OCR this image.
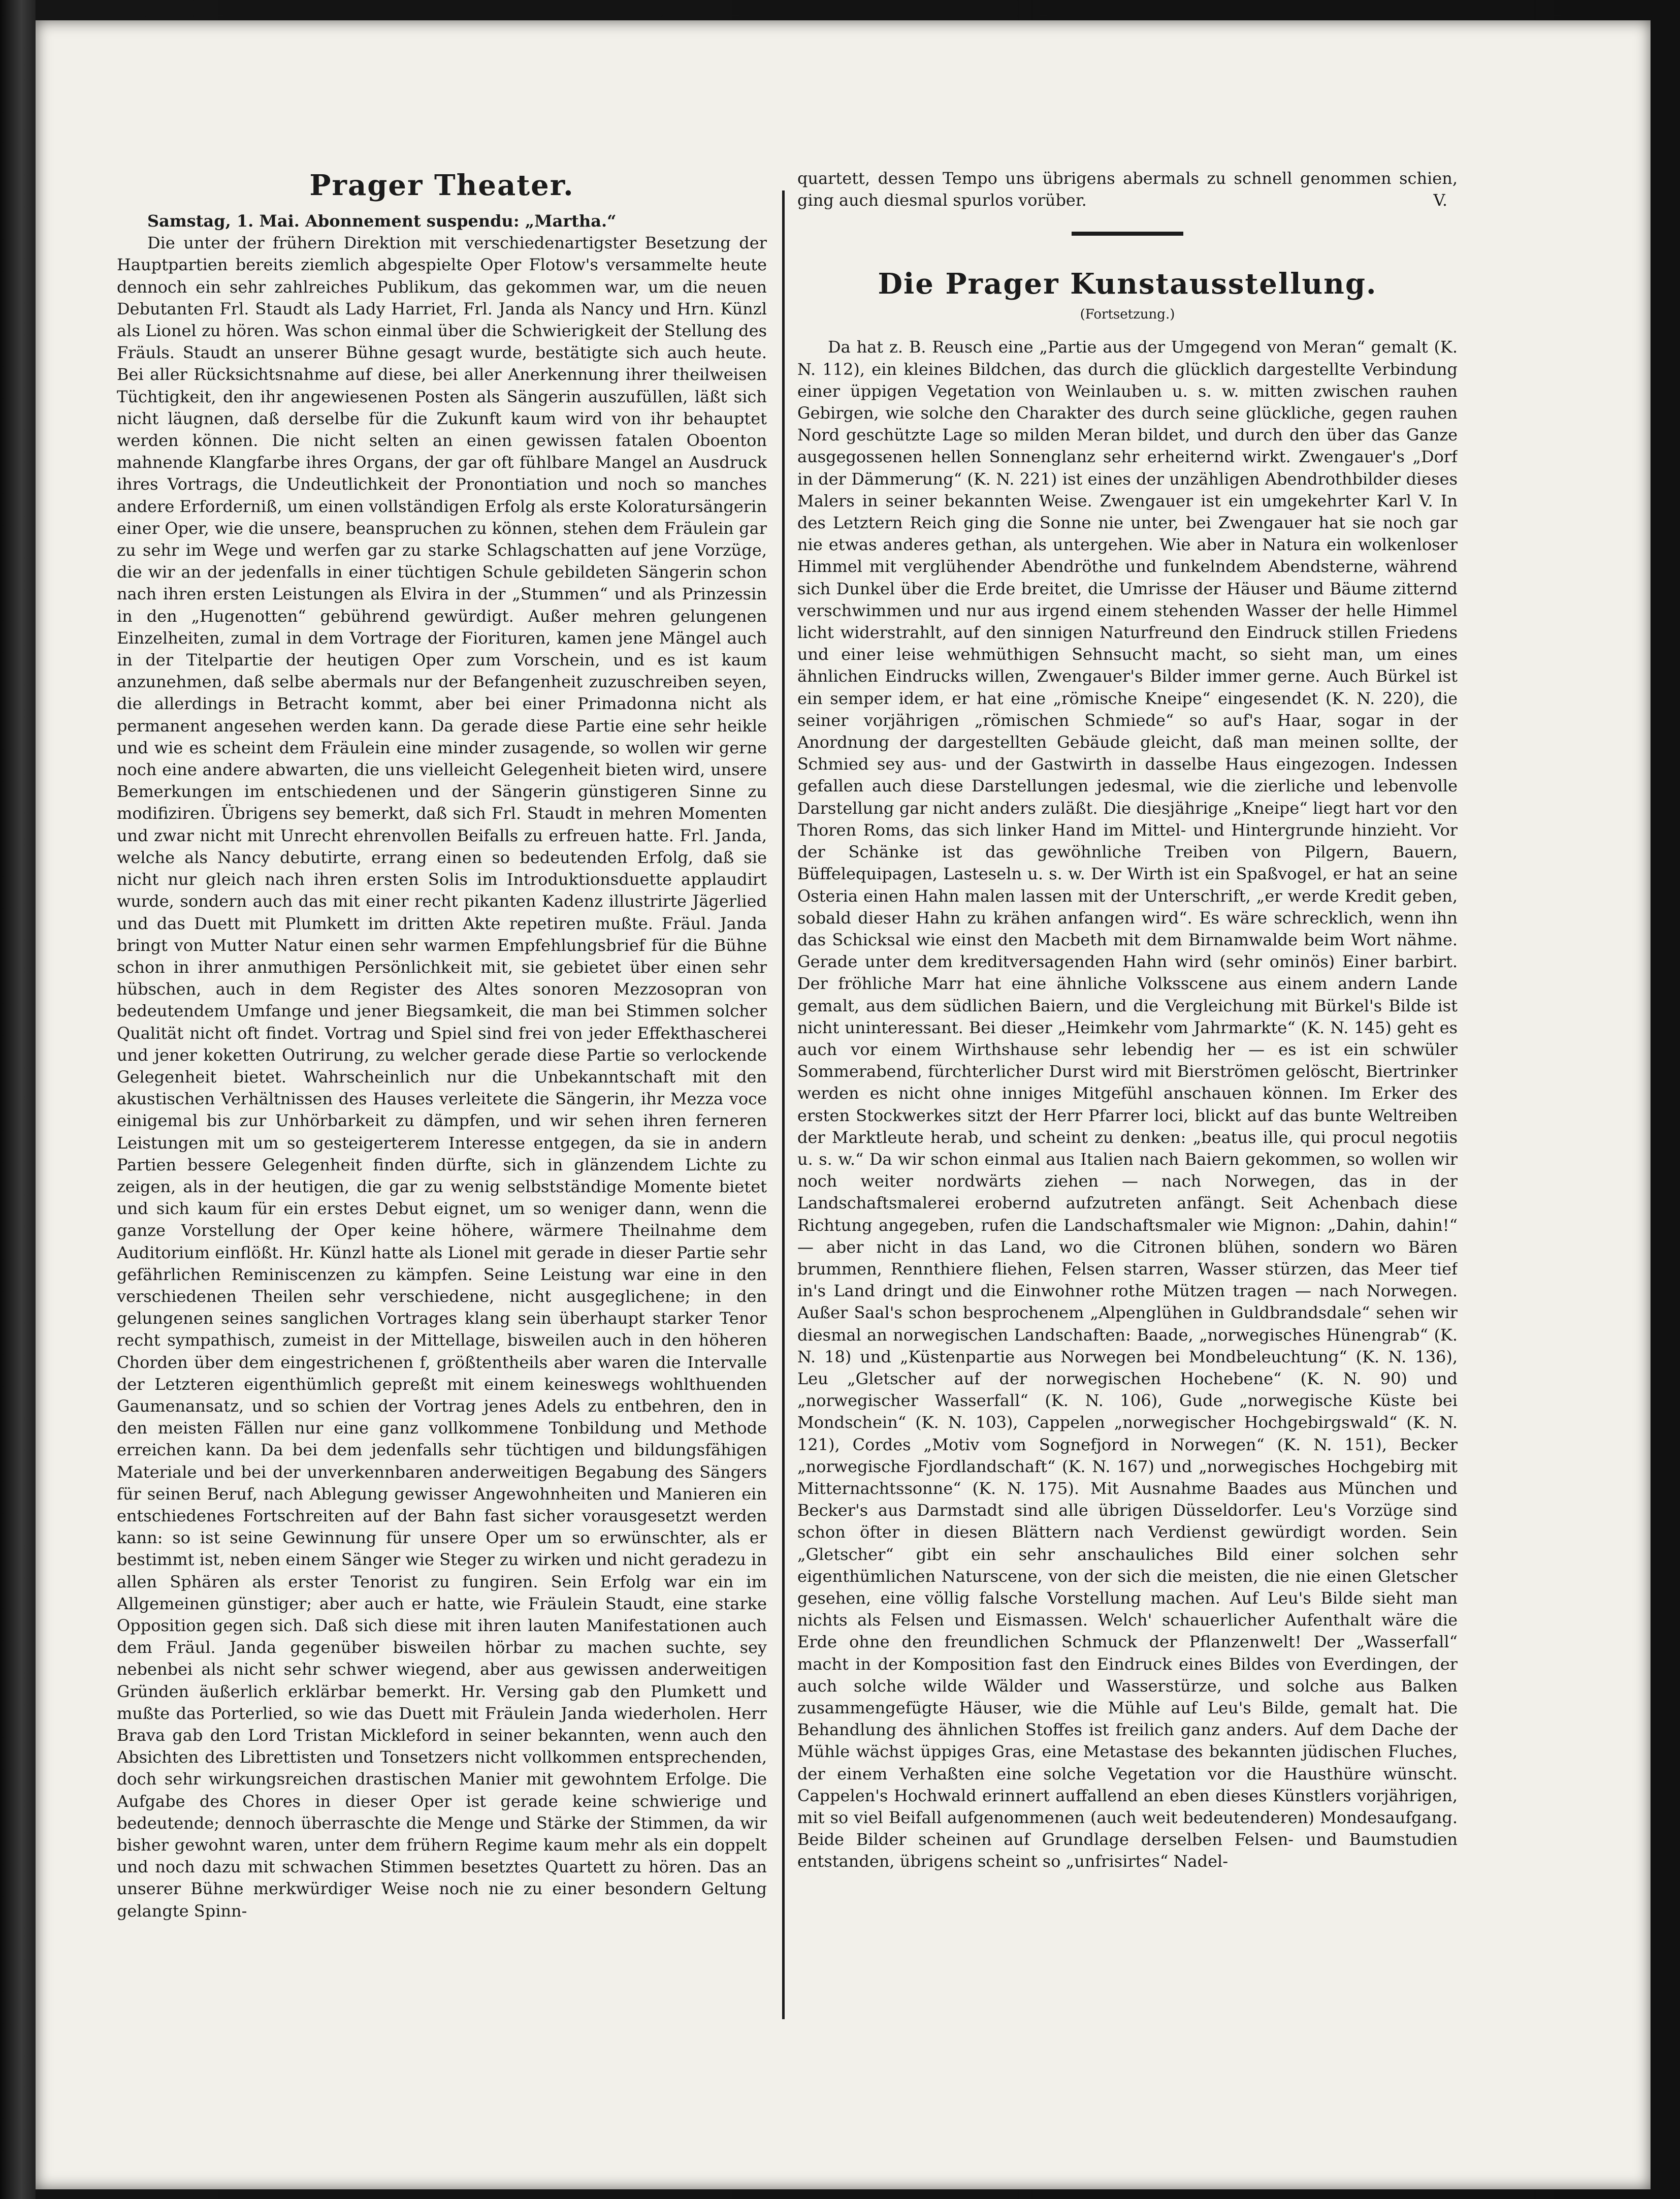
Prager Theater.

Samstag, 1. Mai. Abonnement suspendu: „Martha.“

Die unter der frühern Direktion mit verschiedenartigster Besetzung der Hauptpartien bereits ziemlich abgespielte Oper Flotow's versammelte heute dennoch ein sehr zahlreiches Publikum, das gekommen war, um die neuen Debutanten Frl. Staudt als Lady Harriet, Frl. Janda als Nancy und Hrn. Künzl als Lionel zu hören. Was schon einmal über die Schwierigkeit der Stellung des Fräuls. Staudt an unserer Bühne gesagt wurde, bestätigte sich auch heute. Bei aller Rücksichtsnahme auf diese, bei aller Anerkennung ihrer theilweisen Tüchtigkeit, den ihr angewiesenen Posten als Sängerin auszufüllen, läßt sich nicht läugnen, daß derselbe für die Zukunft kaum wird von ihr behauptet werden können. Die nicht selten an einen gewissen fatalen Oboenton mahnende Klangfarbe ihres Organs, der gar oft fühlbare Mangel an Ausdruck ihres Vortrags, die Undeutlichkeit der Pronontiation und noch so manches andere Erforderniß, um einen vollständigen Erfolg als erste Koloratursängerin einer Oper, wie die unsere, beanspruchen zu können, stehen dem Fräulein gar zu sehr im Wege und werfen gar zu starke Schlagschatten auf jene Vorzüge, die wir an der jedenfalls in einer tüchtigen Schule gebildeten Sängerin schon nach ihren ersten Leistungen als Elvira in der „Stummen“ und als Prinzessin in den „Hugenotten“ gebührend gewürdigt. Außer mehren gelungenen Einzelheiten, zumal in dem Vortrage der Fiorituren, kamen jene Mängel auch in der Titelpartie der heutigen Oper zum Vorschein, und es ist kaum anzunehmen, daß selbe abermals nur der Befangenheit zuzuschreiben seyen, die allerdings in Betracht kommt, aber bei einer Primadonna nicht als permanent angesehen werden kann. Da gerade diese Partie eine sehr heikle und wie es scheint dem Fräulein eine minder zusagende, so wollen wir gerne noch eine andere abwarten, die uns vielleicht Gelegenheit bieten wird, unsere Bemerkungen im entschiedenen und der Sängerin günstigeren Sinne zu modifiziren. Übrigens sey bemerkt, daß sich Frl. Staudt in mehren Momenten und zwar nicht mit Unrecht ehrenvollen Beifalls zu erfreuen hatte. Frl. Janda, welche als Nancy debutirte, errang einen so bedeutenden Erfolg, daß sie nicht nur gleich nach ihren ersten Solis im Introduktionsduette applaudirt wurde, sondern auch das mit einer recht pikanten Kadenz illustrirte Jägerlied und das Duett mit Plumkett im dritten Akte repetiren mußte. Fräul. Janda bringt von Mutter Natur einen sehr warmen Empfehlungsbrief für die Bühne schon in ihrer anmuthigen Persönlichkeit mit, sie gebietet über einen sehr hübschen, auch in dem Register des Altes sonoren Mezzosopran von bedeutendem Umfange und jener Biegsamkeit, die man bei Stimmen solcher Qualität nicht oft findet. Vortrag und Spiel sind frei von jeder Effekthascherei und jener koketten Outrirung, zu welcher gerade diese Partie so verlockende Gelegenheit bietet. Wahrscheinlich nur die Unbekanntschaft mit den akustischen Verhältnissen des Hauses verleitete die Sängerin, ihr Mezza voce einigemal bis zur Unhörbarkeit zu dämpfen, und wir sehen ihren ferneren Leistungen mit um so gesteigerterem Interesse entgegen, da sie in andern Partien bessere Gelegenheit finden dürfte, sich in glänzendem Lichte zu zeigen, als in der heutigen, die gar zu wenig selbstständige Momente bietet und sich kaum für ein erstes Debut eignet, um so weniger dann, wenn die ganze Vorstellung der Oper keine höhere, wärmere Theilnahme dem Auditorium einflößt. Hr. Künzl hatte als Lionel mit gerade in dieser Partie sehr gefährlichen Reminiscenzen zu kämpfen. Seine Leistung war eine in den verschiedenen Theilen sehr verschiedene, nicht ausgeglichene; in den gelungenen seines sanglichen Vortrages klang sein überhaupt starker Tenor recht sympathisch, zumeist in der Mittellage, bisweilen auch in den höheren Chorden über dem eingestrichenen f, größtentheils aber waren die Intervalle der Letzteren eigenthümlich gepreßt mit einem keineswegs wohlthuenden Gaumenansatz, und so schien der Vortrag jenes Adels zu entbehren, den in den meisten Fällen nur eine ganz vollkommene Tonbildung und Methode erreichen kann. Da bei dem jedenfalls sehr tüchtigen und bildungsfähigen Materiale und bei der unverkennbaren anderweitigen Begabung des Sängers für seinen Beruf, nach Ablegung gewisser Angewohnheiten und Manieren ein entschiedenes Fortschreiten auf der Bahn fast sicher vorausgesetzt werden kann: so ist seine Gewinnung für unsere Oper um so erwünschter, als er bestimmt ist, neben einem Sänger wie Steger zu wirken und nicht geradezu in allen Sphären als erster Tenorist zu fungiren. Sein Erfolg war ein im Allgemeinen günstiger; aber auch er hatte, wie Fräulein Staudt, eine starke Opposition gegen sich. Daß sich diese mit ihren lauten Manifestationen auch dem Fräul. Janda gegenüber bisweilen hörbar zu machen suchte, sey nebenbei als nicht sehr schwer wiegend, aber aus gewissen anderweitigen Gründen äußerlich erklärbar bemerkt. Hr. Versing gab den Plumkett und mußte das Porterlied, so wie das Duett mit Fräulein Janda wiederholen. Herr Brava gab den Lord Tristan Mickleford in seiner bekannten, wenn auch den Absichten des Librettisten und Tonsetzers nicht vollkommen entsprechenden, doch sehr wirkungsreichen drastischen Manier mit gewohntem Erfolge. Die Aufgabe des Chores in dieser Oper ist gerade keine schwierige und bedeutende; dennoch überraschte die Menge und Stärke der Stimmen, da wir bisher gewohnt waren, unter dem frühern Regime kaum mehr als ein doppelt und noch dazu mit schwachen Stimmen besetztes Quartett zu hören. Das an unserer Bühne merkwürdiger Weise noch nie zu einer besondern Geltung gelangte Spinn-

quartett, dessen Tempo uns übrigens abermals zu schnell genommen schien, ging auch diesmal spurlos vorüber.	V.
Die Prager Kunstausstellung.
(Fortsetzung.)

Da hat z. B. Reusch eine „Partie aus der Umgegend von Meran“ gemalt (K. N. 112), ein kleines Bildchen, das durch die glücklich dargestellte Verbindung einer üppigen Vegetation von Weinlauben u. s. w. mitten zwischen rauhen Gebirgen, wie solche den Charakter des durch seine glückliche, gegen rauhen Nord geschützte Lage so milden Meran bildet, und durch den über das Ganze ausgegossenen hellen Sonnenglanz sehr erheiternd wirkt. Zwengauer's „Dorf in der Dämmerung“ (K. N. 221) ist eines der unzähligen Abendrothbilder dieses Malers in seiner bekannten Weise. Zwengauer ist ein umgekehrter Karl V. In des Letztern Reich ging die Sonne nie unter, bei Zwengauer hat sie noch gar nie etwas anderes gethan, als untergehen. Wie aber in Natura ein wolkenloser Himmel mit verglühender Abendröthe und funkelndem Abendsterne, während sich Dunkel über die Erde breitet, die Umrisse der Häuser und Bäume zitternd verschwimmen und nur aus irgend einem stehenden Wasser der helle Himmel licht widerstrahlt, auf den sinnigen Naturfreund den Eindruck stillen Friedens und einer leise wehmüthigen Sehnsucht macht, so sieht man, um eines ähnlichen Eindrucks willen, Zwengauer's Bilder immer gerne. Auch Bürkel ist ein semper idem, er hat eine „römische Kneipe“ eingesendet (K. N. 220), die seiner vorjährigen „römischen Schmiede“ so auf's Haar, sogar in der Anordnung der dargestellten Gebäude gleicht, daß man meinen sollte, der Schmied sey aus- und der Gastwirth in dasselbe Haus eingezogen. Indessen gefallen auch diese Darstellungen jedesmal, wie die zierliche und lebenvolle Darstellung gar nicht anders zuläßt. Die diesjährige „Kneipe“ liegt hart vor den Thoren Roms, das sich linker Hand im Mittel- und Hintergrunde hinzieht. Vor der Schänke ist das gewöhnliche Treiben von Pilgern, Bauern, Büffelequipagen, Lasteseln u. s. w. Der Wirth ist ein Spaßvogel, er hat an seine Osteria einen Hahn malen lassen mit der Unterschrift, „er werde Kredit geben, sobald dieser Hahn zu krähen anfangen wird“. Es wäre schrecklich, wenn ihn das Schicksal wie einst den Macbeth mit dem Birnamwalde beim Wort nähme. Gerade unter dem kreditversagenden Hahn wird (sehr ominös) Einer barbirt. Der fröhliche Marr hat eine ähnliche Volksscene aus einem andern Lande gemalt, aus dem südlichen Baiern, und die Vergleichung mit Bürkel's Bilde ist nicht uninteressant. Bei dieser „Heimkehr vom Jahrmarkte“ (K. N. 145) geht es auch vor einem Wirthshause sehr lebendig her — es ist ein schwüler Sommerabend, fürchterlicher Durst wird mit Bierströmen gelöscht, Biertrinker werden es nicht ohne inniges Mitgefühl anschauen können. Im Erker des ersten Stockwerkes sitzt der Herr Pfarrer loci, blickt auf das bunte Weltreiben der Marktleute herab, und scheint zu denken: „beatus ille, qui procul negotiis u. s. w.“ Da wir schon einmal aus Italien nach Baiern gekommen, so wollen wir noch weiter nordwärts ziehen — nach Norwegen, das in der Landschaftsmalerei erobernd aufzutreten anfängt. Seit Achenbach diese Richtung angegeben, rufen die Landschaftsmaler wie Mignon: „Dahin, dahin!“ — aber nicht in das Land, wo die Citronen blühen, sondern wo Bären brummen, Rennthiere fliehen, Felsen starren, Wasser stürzen, das Meer tief in's Land dringt und die Einwohner rothe Mützen tragen — nach Norwegen. Außer Saal's schon besprochenem „Alpenglühen in Guldbrandsdale“ sehen wir diesmal an norwegischen Landschaften: Baade, „norwegisches Hünengrab“ (K. N. 18) und „Küstenpartie aus Norwegen bei Mondbeleuchtung“ (K. N. 136), Leu „Gletscher auf der norwegischen Hochebene“ (K. N. 90) und „norwegischer Wasserfall“ (K. N. 106), Gude „norwegische Küste bei Mondschein“ (K. N. 103), Cappelen „norwegischer Hochgebirgswald“ (K. N. 121), Cordes „Motiv vom Sognefjord in Norwegen“ (K. N. 151), Becker „norwegische Fjordlandschaft“ (K. N. 167) und „norwegisches Hochgebirg mit Mitternachtssonne“ (K. N. 175). Mit Ausnahme Baades aus München und Becker's aus Darmstadt sind alle übrigen Düsseldorfer. Leu's Vorzüge sind schon öfter in diesen Blättern nach Verdienst gewürdigt worden. Sein „Gletscher“ gibt ein sehr anschauliches Bild einer solchen sehr eigenthümlichen Naturscene, von der sich die meisten, die nie einen Gletscher gesehen, eine völlig falsche Vorstellung machen. Auf Leu's Bilde sieht man nichts als Felsen und Eismassen. Welch' schauerlicher Aufenthalt wäre die Erde ohne den freundlichen Schmuck der Pflanzenwelt! Der „Wasserfall“ macht in der Komposition fast den Eindruck eines Bildes von Everdingen, der auch solche wilde Wälder und Wasserstürze, und solche aus Balken zusammengefügte Häuser, wie die Mühle auf Leu's Bilde, gemalt hat. Die Behandlung des ähnlichen Stoffes ist freilich ganz anders. Auf dem Dache der Mühle wächst üppiges Gras, eine Metastase des bekannten jüdischen Fluches, der einem Verhaßten eine solche Vegetation vor die Hausthüre wünscht. Cappelen's Hochwald erinnert auffallend an eben dieses Künstlers vorjährigen, mit so viel Beifall aufgenommenen (auch weit bedeutenderen) Mondesaufgang. Beide Bilder scheinen auf Grundlage derselben Felsen- und Baumstudien entstanden, übrigens scheint so „unfrisirtes“ Nadel-
